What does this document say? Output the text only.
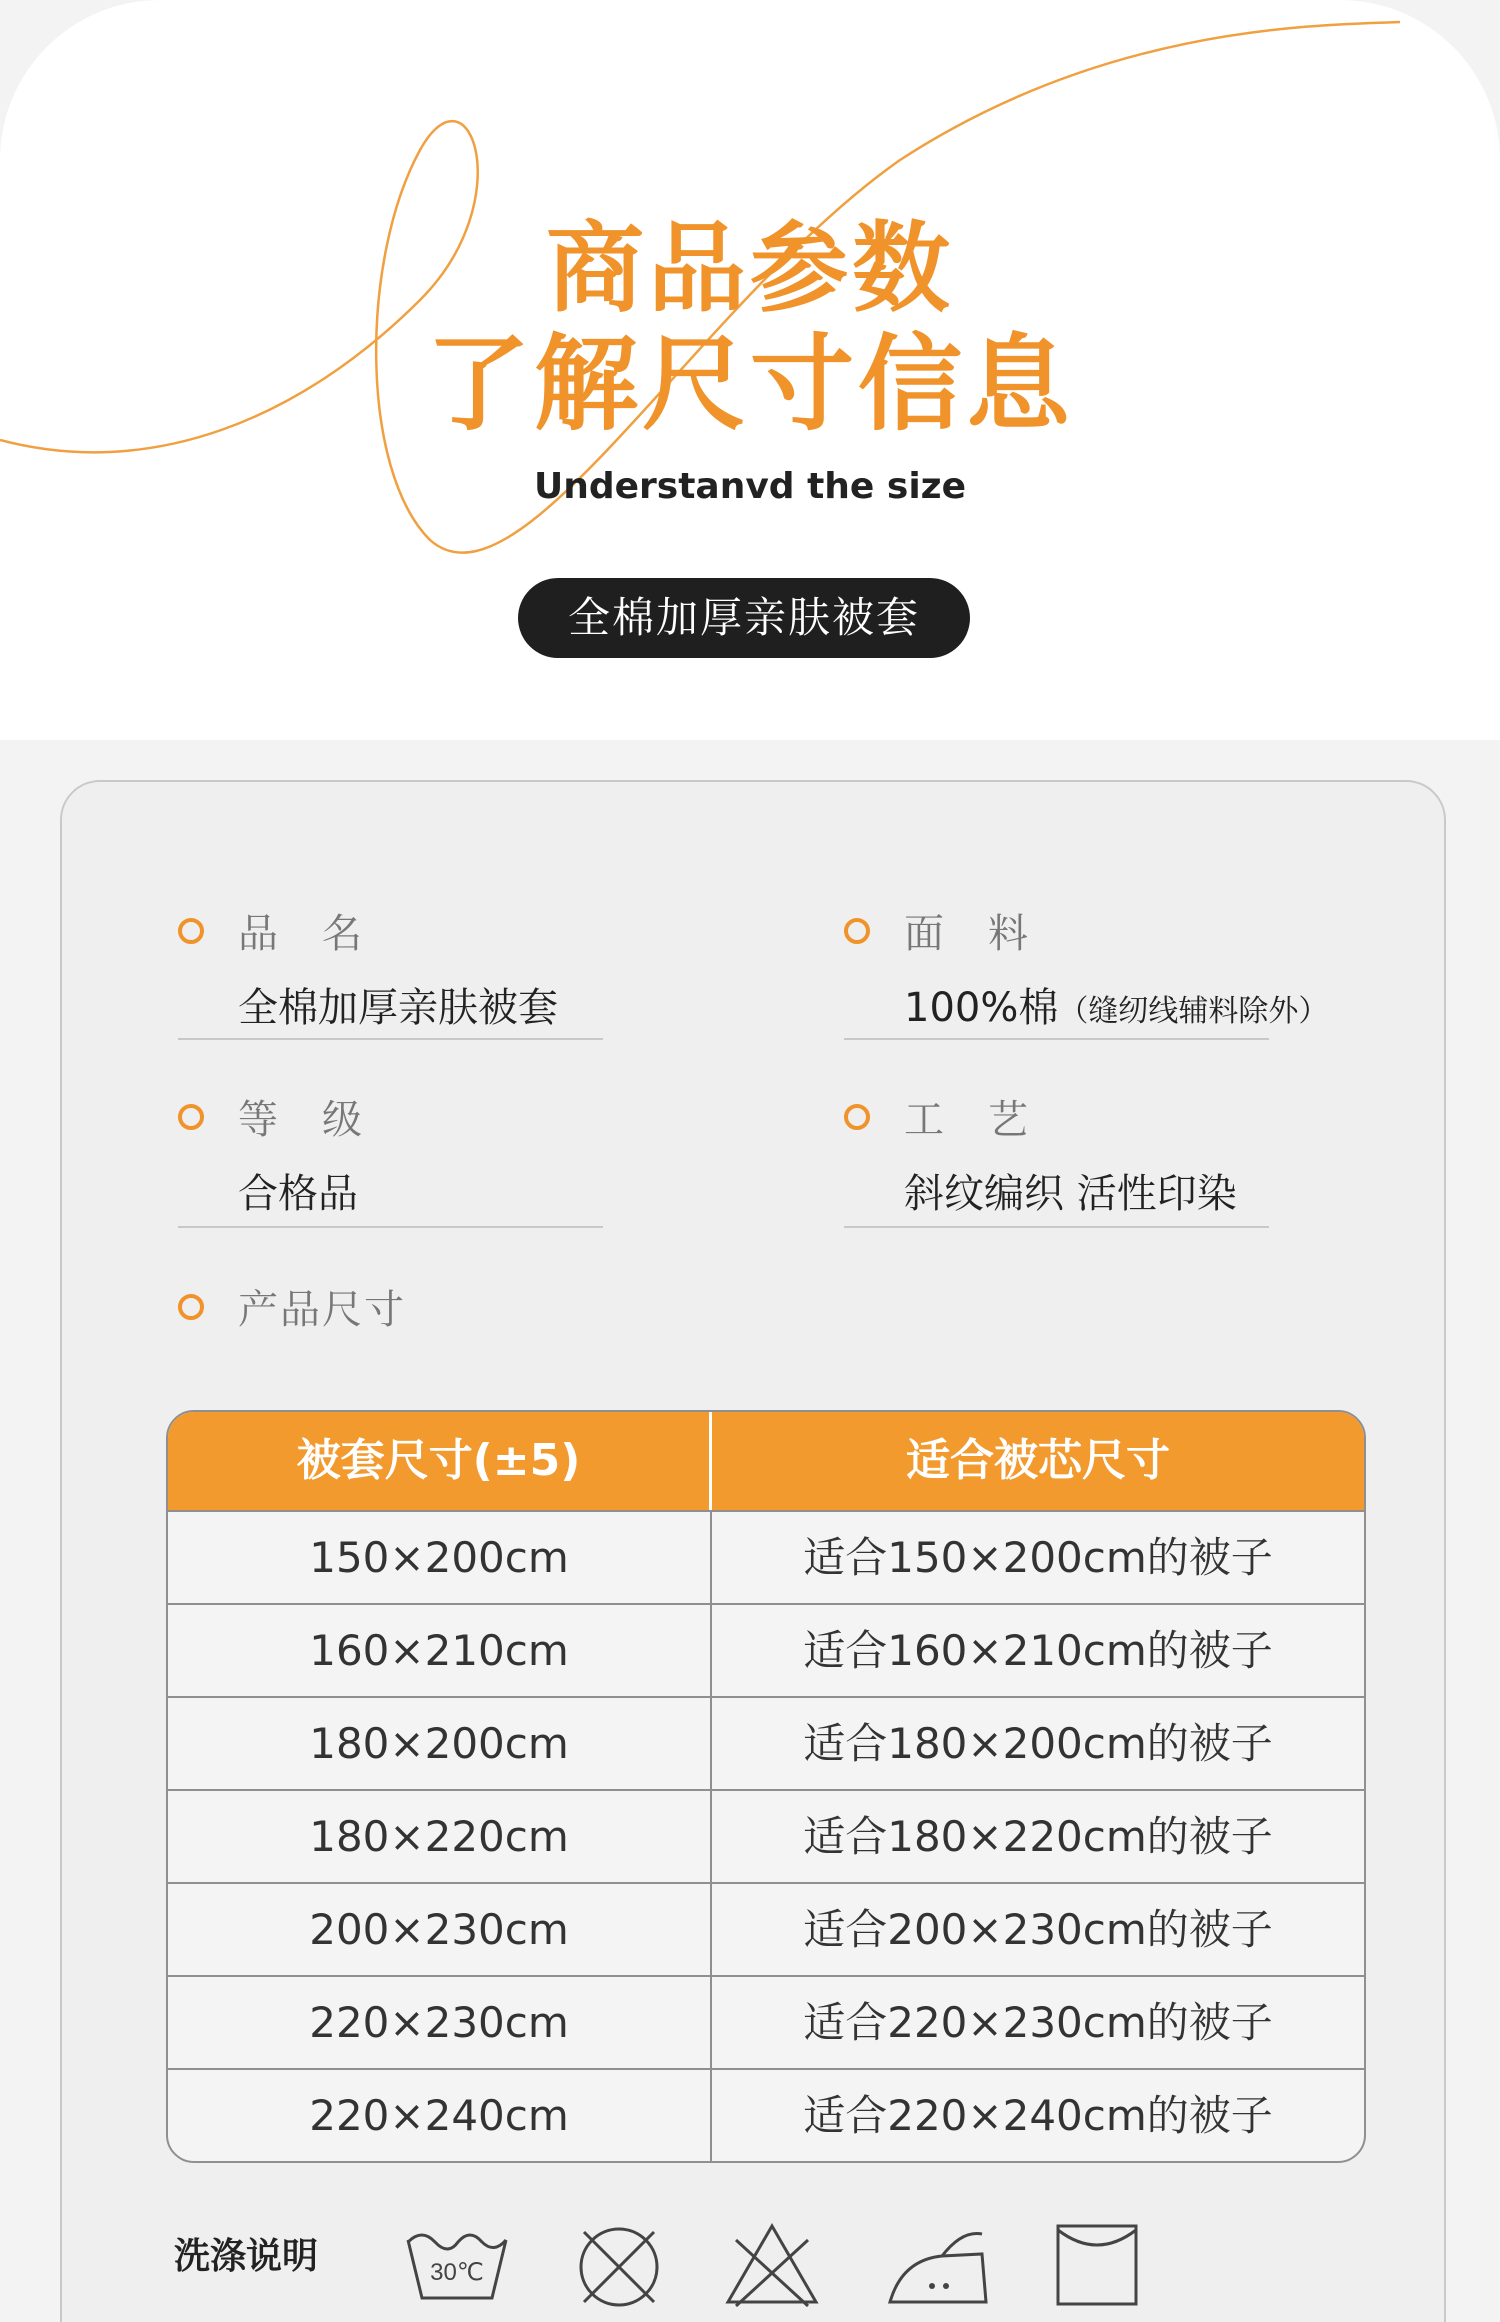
商品参数
了解尺寸信息
Understanvd the size
全棉加厚亲肤被套
品　名
全棉加厚亲肤被套
面　料
100%棉（缝纫线辅料除外）
等　级
合格品
工　艺
斜纹编织 活性印染
产品尺寸
被套尺寸(±5)	适合被芯尺寸
150×200cm	适合150×200cm的被子
160×210cm	适合160×210cm的被子
180×200cm	适合180×200cm的被子
180×220cm	适合180×220cm的被子
200×230cm	适合200×230cm的被子
220×230cm	适合220×230cm的被子
220×240cm	适合220×240cm的被子
洗涤说明	30℃
